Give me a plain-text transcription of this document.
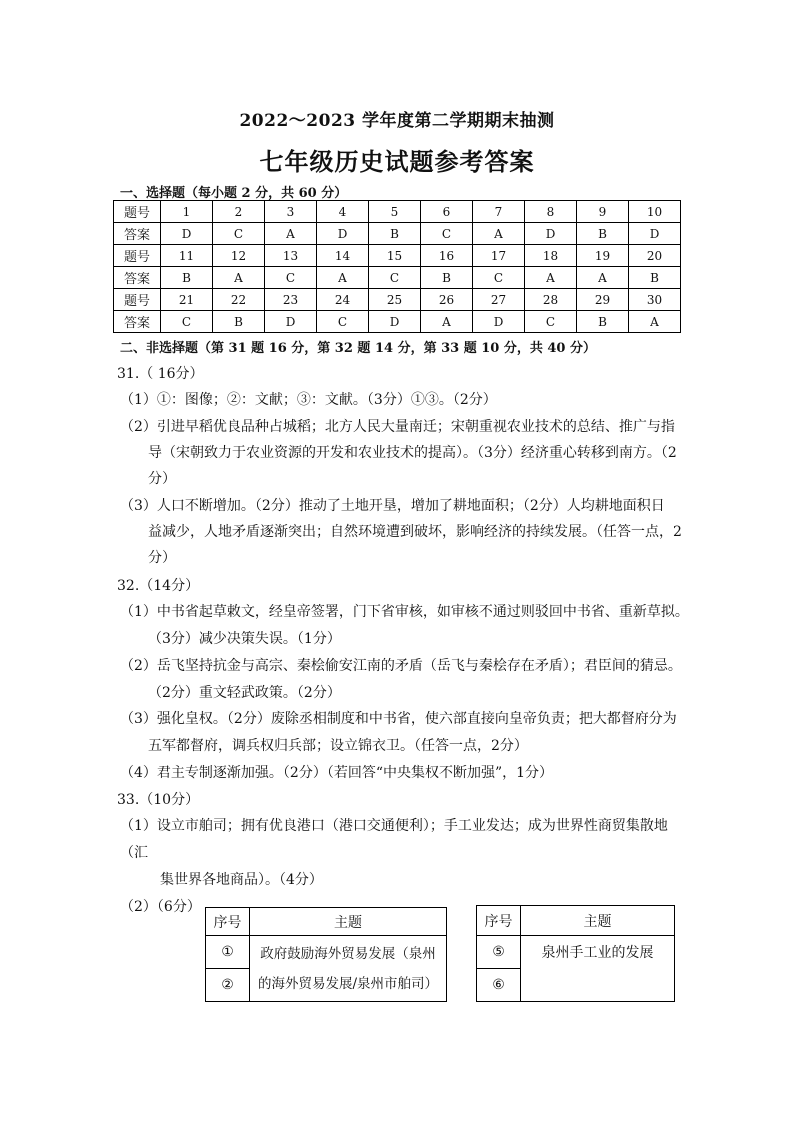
2022～2023 学年度第二学期期末抽测
七年级历史试题参考答案
一、选择题（每小题 2 分，共 60 分）
题号	1	2	3	4	5	6	7	8	9	10
答案	D	C	A	D	B	C	A	D	B	D
题号	11	12	13	14	15	16	17	18	19	20
答案	B	A	C	A	C	B	C	A	A	B
题号	21	22	23	24	25	26	27	28	29	30
答案	C	B	D	C	D	A	D	C	B	A
二、非选择题（第 31 题 16 分，第 32 题 14 分，第 33 题 10 分，共 40 分）
31.（ 16分）
（1）①：图像；②：文献；③：文献。（3分）①③。（2分）
（2）引进早稻优良品种占城稻；北方人民大量南迁；宋朝重视农业技术的总结、推广与指
导（宋朝致力于农业资源的开发和农业技术的提高）。（3分）经济重心转移到南方。（2
分）
（3）人口不断增加。（2分）推动了土地开垦，增加了耕地面积；（2分）人均耕地面积日
益减少，人地矛盾逐渐突出；自然环境遭到破坏，影响经济的持续发展。（任答一点，2
分）
32.（14分）
（1）中书省起草敕文，经皇帝签署，门下省审核，如审核不通过则驳回中书省、重新草拟。
（3分）减少决策失误。（1分）
（2）岳飞坚持抗金与高宗、秦桧偷安江南的矛盾（岳飞与秦桧存在矛盾）；君臣间的猜忌。
（2分）重文轻武政策。（2分）
（3）强化皇权。（2分）废除丞相制度和中书省，使六部直接向皇帝负责；把大都督府分为
五军都督府，调兵权归兵部；设立锦衣卫。（任答一点，2分）
（4）君主专制逐渐加强。（2分）（若回答“中央集权不断加强”，1分）
33.（10分）
（1）设立市舶司；拥有优良港口（港口交通便利）；手工业发达；成为世界性商贸集散地
（汇
集世界各地商品）。（4分）
（2）（6分）
序号	主题
①	政府鼓励海外贸易发展（泉州
的海外贸易发展/泉州市舶司）

②	
序号	主题
⑤	泉州手工业的发展
⑥	
